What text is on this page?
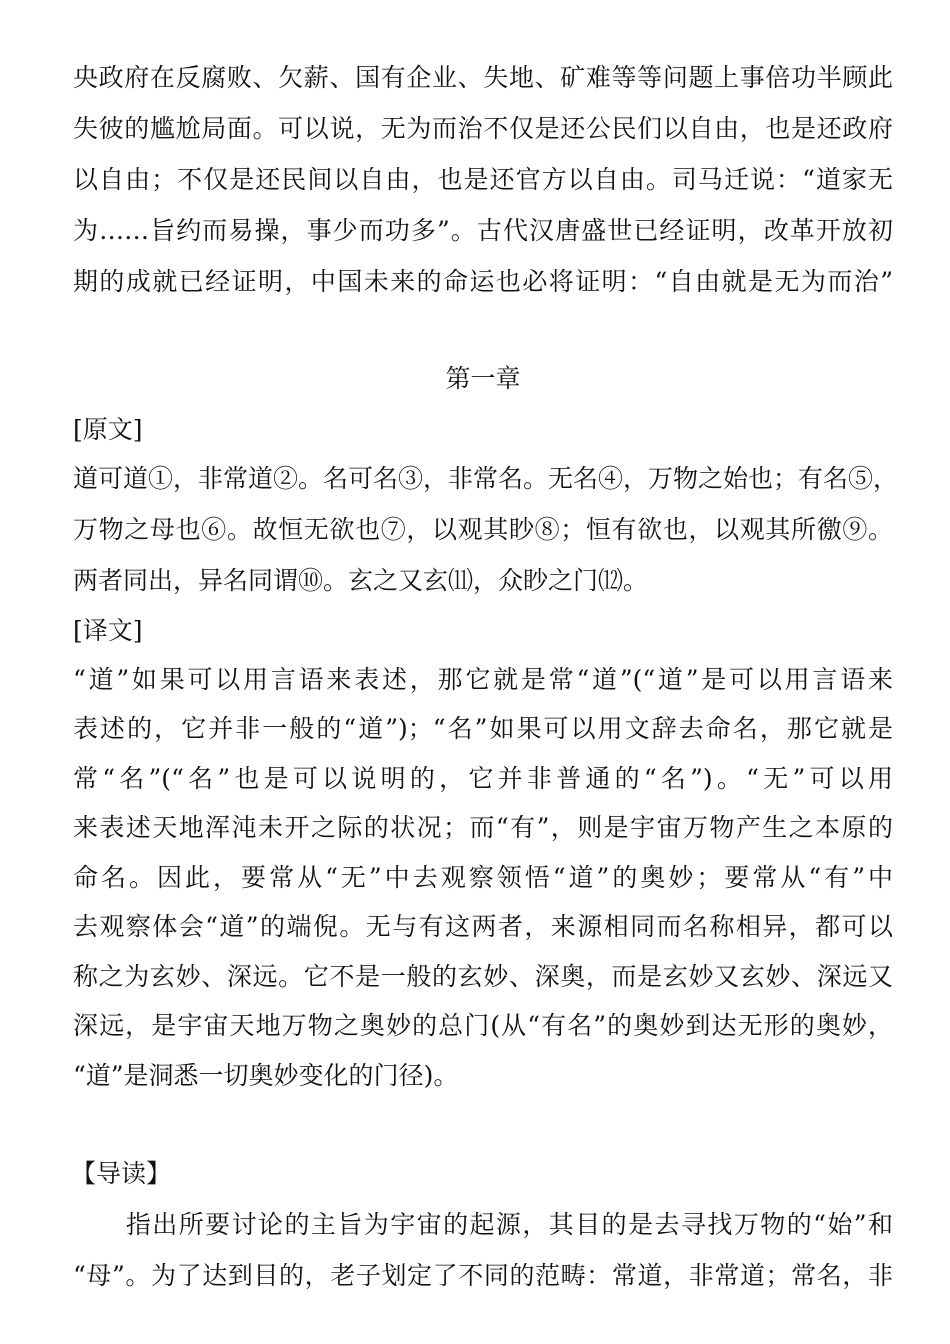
央政府在反腐败、欠薪、国有企业、失地、矿难等等问题上事倍功半顾此
失彼的尴尬局面。可以说，无为而治不仅是还公民们以自由，也是还政府
以自由；不仅是还民间以自由，也是还官方以自由。司马迁说：“道家无
为……旨约而易操，事少而功多”。古代汉唐盛世已经证明，改革开放初
期的成就已经证明，中国未来的命运也必将证明：“自由就是无为而治”
第一章
[原文]
道可道①，非常道②。名可名③，非常名。无名④，万物之始也；有名⑤，
万物之母也⑥。故恒无欲也⑦，以观其眇⑧；恒有欲也，以观其所徼⑨。
两者同出，异名同谓⑩。玄之又玄⑾，众眇之门⑿。
[译文]
“道”如果可以用言语来表述，那它就是常“道”(“道”是可以用言语来
表述的，它并非一般的“道”)；“名”如果可以用文辞去命名，那它就是
常“名”(“名”也是可以说明的，它并非普通的“名”)。“无”可以用
来表述天地浑沌未开之际的状况；而“有”，则是宇宙万物产生之本原的
命名。因此，要常从“无”中去观察领悟“道”的奥妙；要常从“有”中
去观察体会“道”的端倪。无与有这两者，来源相同而名称相异，都可以
称之为玄妙、深远。它不是一般的玄妙、深奥，而是玄妙又玄妙、深远又
深远，是宇宙天地万物之奥妙的总门(从“有名”的奥妙到达无形的奥妙，
“道”是洞悉一切奥妙变化的门径)。
【导读】
　　指出所要讨论的主旨为宇宙的起源，其目的是去寻找万物的“始”和
“母”。为了达到目的，老子划定了不同的范畴：常道，非常道；常名，非
